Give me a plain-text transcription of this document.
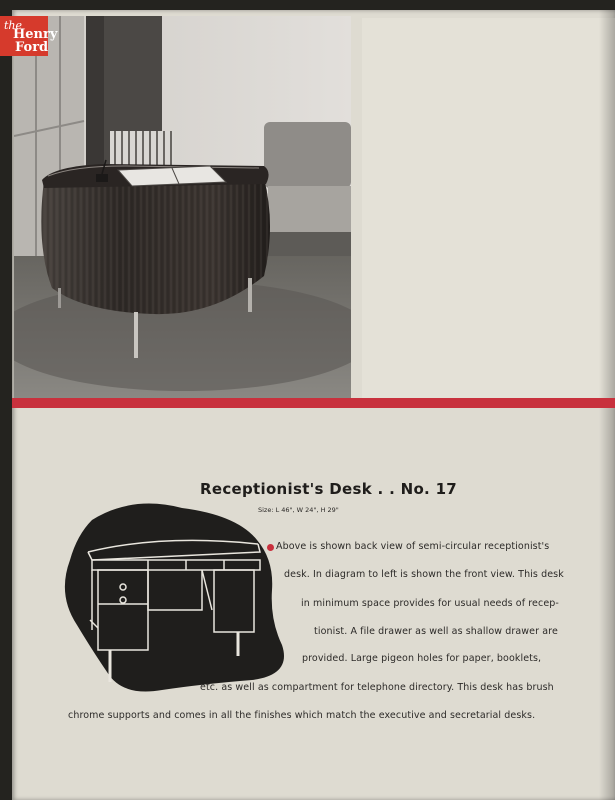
the
Henry
Ford
Receptionist's Desk . . No. 17
Size: L 46", W 24", H 29"
Above is shown back view of semi-circular receptionist's
desk. In diagram to left is shown the front view. This desk
in minimum space provides for usual needs of recep-
tionist. A file drawer as well as shallow drawer are
provided. Large pigeon holes for paper, booklets,
etc. as well as compartment for telephone directory. This desk has brush
chrome supports and comes in all the finishes which match the executive and secretarial desks.
